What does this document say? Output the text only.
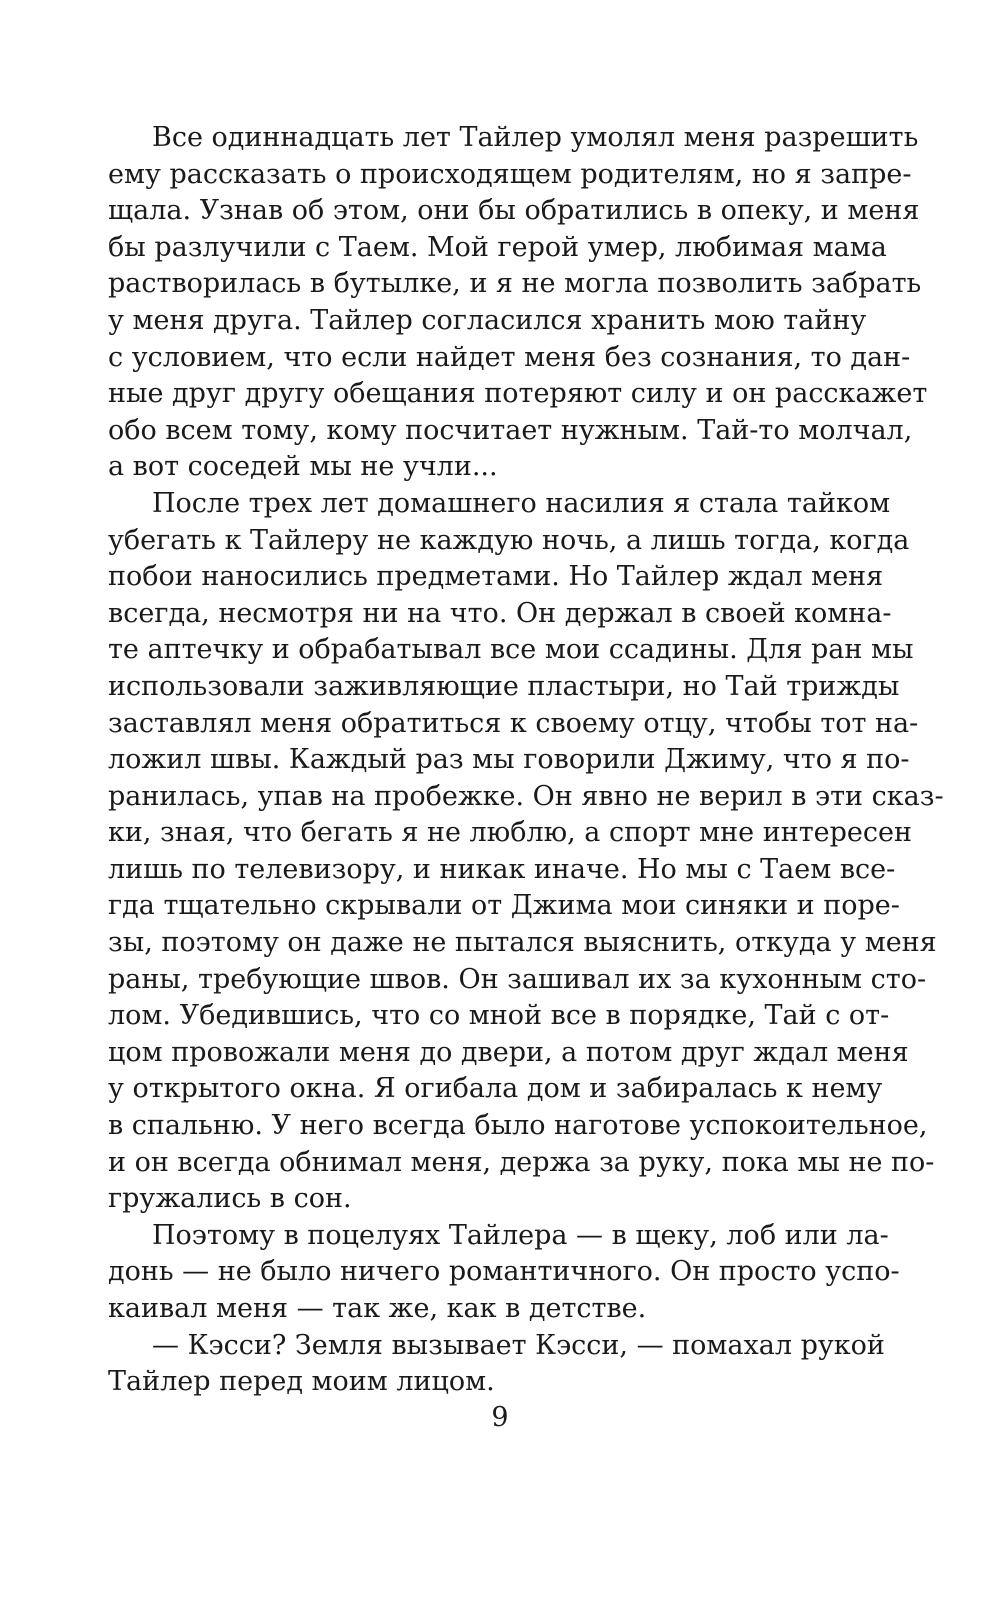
Все одиннадцать лет Тайлер умолял меня разрешить
ему рассказать о происходящем родителям, но я запре-
щала. Узнав об этом, они бы обратились в опеку, и меня
бы разлучили с Таем. Мой герой умер, любимая мама
растворилась в бутылке, и я не могла позволить забрать
у меня друга. Тайлер согласился хранить мою тайну
с условием, что если найдет меня без сознания, то дан-
ные друг другу обещания потеряют силу и он расскажет
обо всем тому, кому посчитает нужным. Тай-то молчал,
а вот соседей мы не учли...
После трех лет домашнего насилия я стала тайком
убегать к Тайлеру не каждую ночь, а лишь тогда, когда
побои наносились предметами. Но Тайлер ждал меня
всегда, несмотря ни на что. Он держал в своей комна-
те аптечку и обрабатывал все мои ссадины. Для ран мы
использовали заживляющие пластыри, но Тай трижды
заставлял меня обратиться к своему отцу, чтобы тот на-
ложил швы. Каждый раз мы говорили Джиму, что я по-
ранилась, упав на пробежке. Он явно не верил в эти сказ-
ки, зная, что бегать я не люблю, а спорт мне интересен
лишь по телевизору, и никак иначе. Но мы с Таем все-
гда тщательно скрывали от Джима мои синяки и поре-
зы, поэтому он даже не пытался выяснить, откуда у меня
раны, требующие швов. Он зашивал их за кухонным сто-
лом. Убедившись, что со мной все в порядке, Тай с от-
цом провожали меня до двери, а потом друг ждал меня
у открытого окна. Я огибала дом и забиралась к нему
в спальню. У него всегда было наготове успокоительное,
и он всегда обнимал меня, держа за руку, пока мы не по-
гружались в сон.
Поэтому в поцелуях Тайлера — в щеку, лоб или ла-
донь — не было ничего романтичного. Он просто успо-
каивал меня — так же, как в детстве.
— Кэсси? Земля вызывает Кэсси, — помахал рукой
Тайлер перед моим лицом.
9
